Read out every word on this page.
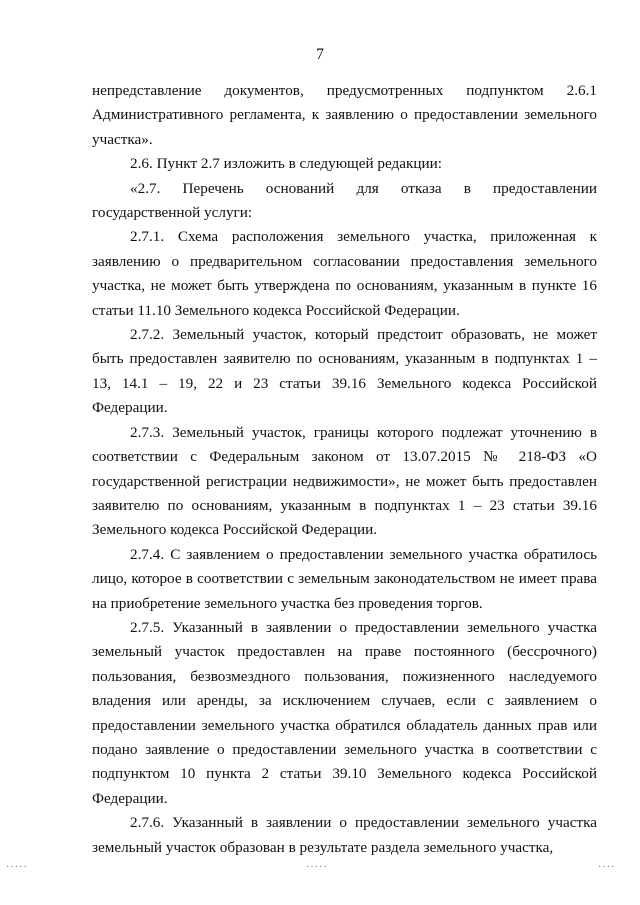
7

непредставление документов, предусмотренных подпунктом 2.6.1 Административного регламента, к заявлению о предоставлении земельного участка».

2.6. Пункт 2.7 изложить в следующей редакции:

«2.7. Перечень оснований для отказа в предоставлении государственной услуги:

2.7.1. Схема расположения земельного участка, приложенная к заявлению о предварительном согласовании предоставления земельного участка, не может быть утверждена по основаниям, указанным в пункте 16 статьи 11.10 Земельного кодекса Российской Федерации.

2.7.2. Земельный участок, который предстоит образовать, не может быть предоставлен заявителю по основаниям, указанным в подпунктах 1 – 13, 14.1 – 19, 22 и 23 статьи 39.16 Земельного кодекса Российской Федерации.

2.7.3. Земельный участок, границы которого подлежат уточнению в соответствии с Федеральным законом от 13.07.2015 № 218-ФЗ «О государственной регистрации недвижимости», не может быть предоставлен заявителю по основаниям, указанным в подпунктах 1 – 23 статьи 39.16 Земельного кодекса Российской Федерации.

2.7.4. С заявлением о предоставлении земельного участка обратилось лицо, которое в соответствии с земельным законодательством не имеет права на приобретение земельного участка без проведения торгов.

2.7.5. Указанный в заявлении о предоставлении земельного участка земельный участок предоставлен на праве постоянного (бессрочного) пользования, безвозмездного пользования, пожизненного наследуемого владения или аренды, за исключением случаев, если с заявлением о предоставлении земельного участка обратился обладатель данных прав или подано заявление о предоставлении земельного участка в соответствии с подпунктом 10 пункта 2 статьи 39.10 Земельного кодекса Российской Федерации.

2.7.6. Указанный в заявлении о предоставлении земельного участка земельный участок образован в результате раздела земельного участка,

·····	·····	····
